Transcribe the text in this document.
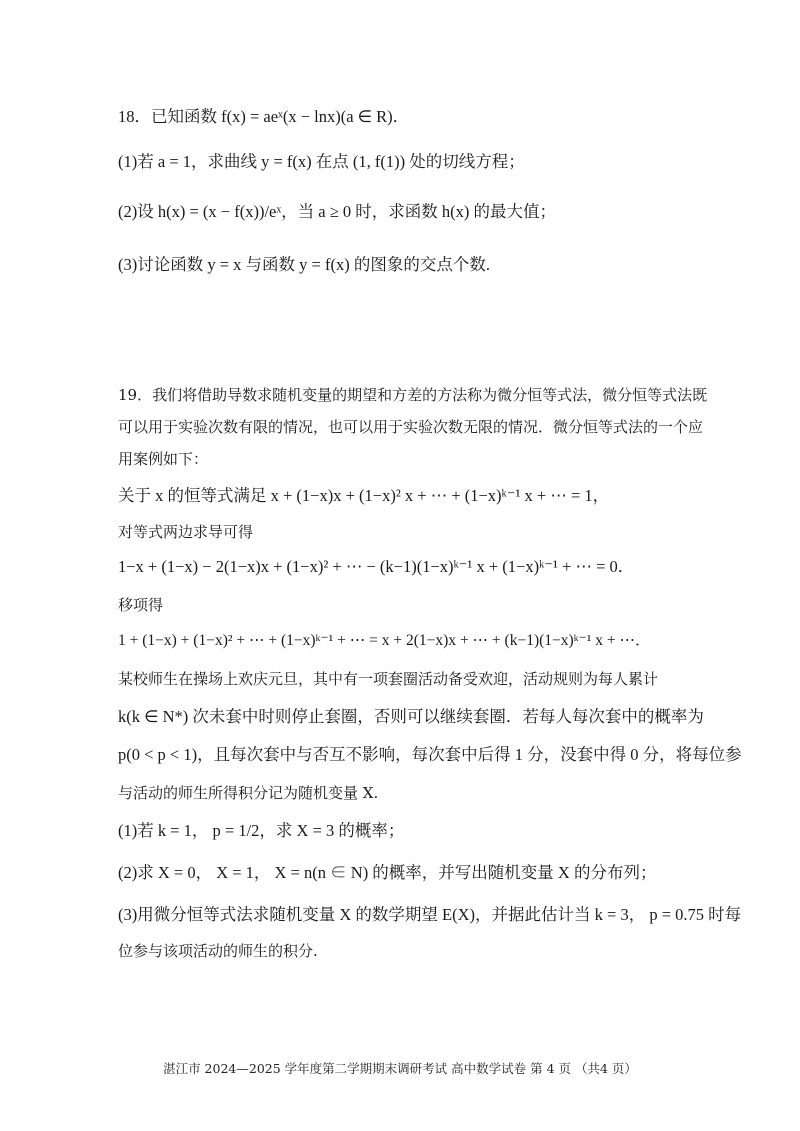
18．已知函数 f(x) = aeˣ(x − lnx)(a ∈ R)．
(1)若 a = 1，求曲线 y = f(x) 在点 (1, f(1)) 处的切线方程；
(2)设 h(x) = (x − f(x))/eˣ，当 a ≥ 0 时，求函数 h(x) 的最大值；
(3)讨论函数 y = x 与函数 y = f(x) 的图象的交点个数.
19．我们将借助导数求随机变量的期望和方差的方法称为微分恒等式法，微分恒等式法既
可以用于实验次数有限的情况，也可以用于实验次数无限的情况．微分恒等式法的一个应
用案例如下：
关于 x 的恒等式满足 x + (1−x)x + (1−x)² x + ⋯ + (1−x)ᵏ⁻¹ x + ⋯ = 1，
对等式两边求导可得
1−x + (1−x) − 2(1−x)x + (1−x)² + ⋯ − (k−1)(1−x)ᵏ⁻¹ x + (1−x)ᵏ⁻¹ + ⋯ = 0．
移项得
1 + (1−x) + (1−x)² + ⋯ + (1−x)ᵏ⁻¹ + ⋯ = x + 2(1−x)x + ⋯ + (k−1)(1−x)ᵏ⁻¹ x + ⋯．
某校师生在操场上欢庆元旦，其中有一项套圈活动备受欢迎，活动规则为每人累计
k(k ∈ N*) 次未套中时则停止套圈，否则可以继续套圈．若每人每次套中的概率为
p(0 < p < 1)，且每次套中与否互不影响，每次套中后得 1 分，没套中得 0 分，将每位参
与活动的师生所得积分记为随机变量 X.
(1)若 k = 1， p = 1/2，求 X = 3 的概率；
(2)求 X = 0， X = 1， X = n(n ∈ N) 的概率，并写出随机变量 X 的分布列；
(3)用微分恒等式法求随机变量 X 的数学期望 E(X)，并据此估计当 k = 3， p = 0.75 时每
位参与该项活动的师生的积分.
湛江市 2024—2025 学年度第二学期期末调研考试 高中数学试卷 第 4 页 （共4 页）
